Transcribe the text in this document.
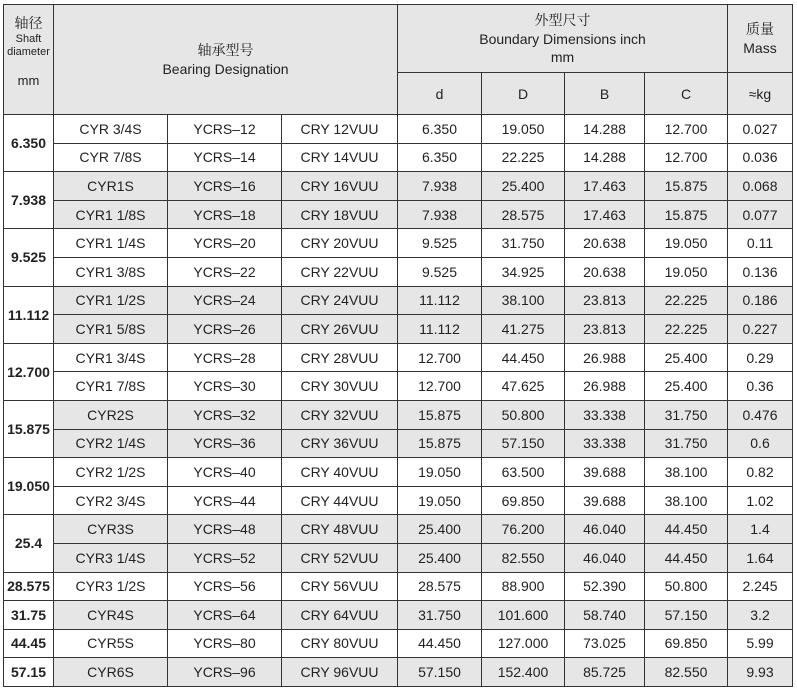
轴径
Shaft
diameter
mm	轴承型号
Bearing Designation			外型尺寸
Boundary Dimensions inch
mm				质量
Mass

				d	D	B	C	≈kg
6.350	CYR 3/4S	YCRS–12	CRY 12VUU	6.350	19.050	14.288	12.700	0.027
	CYR 7/8S	YCRS–14	CRY 14VUU	6.350	22.225	14.288	12.700	0.036
7.938	CYR1S	YCRS–16	CRY 16VUU	7.938	25.400	17.463	15.875	0.068
	CYR1 1/8S	YCRS–18	CRY 18VUU	7.938	28.575	17.463	15.875	0.077
9.525	CYR1 1/4S	YCRS–20	CRY 20VUU	9.525	31.750	20.638	19.050	0.11
	CYR1 3/8S	YCRS–22	CRY 22VUU	9.525	34.925	20.638	19.050	0.136
11.112	CYR1 1/2S	YCRS–24	CRY 24VUU	11.112	38.100	23.813	22.225	0.186
	CYR1 5/8S	YCRS–26	CRY 26VUU	11.112	41.275	23.813	22.225	0.227
12.700	CYR1 3/4S	YCRS–28	CRY 28VUU	12.700	44.450	26.988	25.400	0.29
	CYR1 7/8S	YCRS–30	CRY 30VUU	12.700	47.625	26.988	25.400	0.36
15.875	CYR2S	YCRS–32	CRY 32VUU	15.875	50.800	33.338	31.750	0.476
	CYR2 1/4S	YCRS–36	CRY 36VUU	15.875	57.150	33.338	31.750	0.6
19.050	CYR2 1/2S	YCRS–40	CRY 40VUU	19.050	63.500	39.688	38.100	0.82
	CYR2 3/4S	YCRS–44	CRY 44VUU	19.050	69.850	39.688	38.100	1.02
25.4	CYR3S	YCRS–48	CRY 48VUU	25.400	76.200	46.040	44.450	1.4
	CYR3 1/4S	YCRS–52	CRY 52VUU	25.400	82.550	46.040	44.450	1.64
28.575	CYR3 1/2S	YCRS–56	CRY 56VUU	28.575	88.900	52.390	50.800	2.245
31.75	CYR4S	YCRS–64	CRY 64VUU	31.750	101.600	58.740	57.150	3.2
44.45	CYR5S	YCRS–80	CRY 80VUU	44.450	127.000	73.025	69.850	5.99
57.15	CYR6S	YCRS–96	CRY 96VUU	57.150	152.400	85.725	82.550	9.93
